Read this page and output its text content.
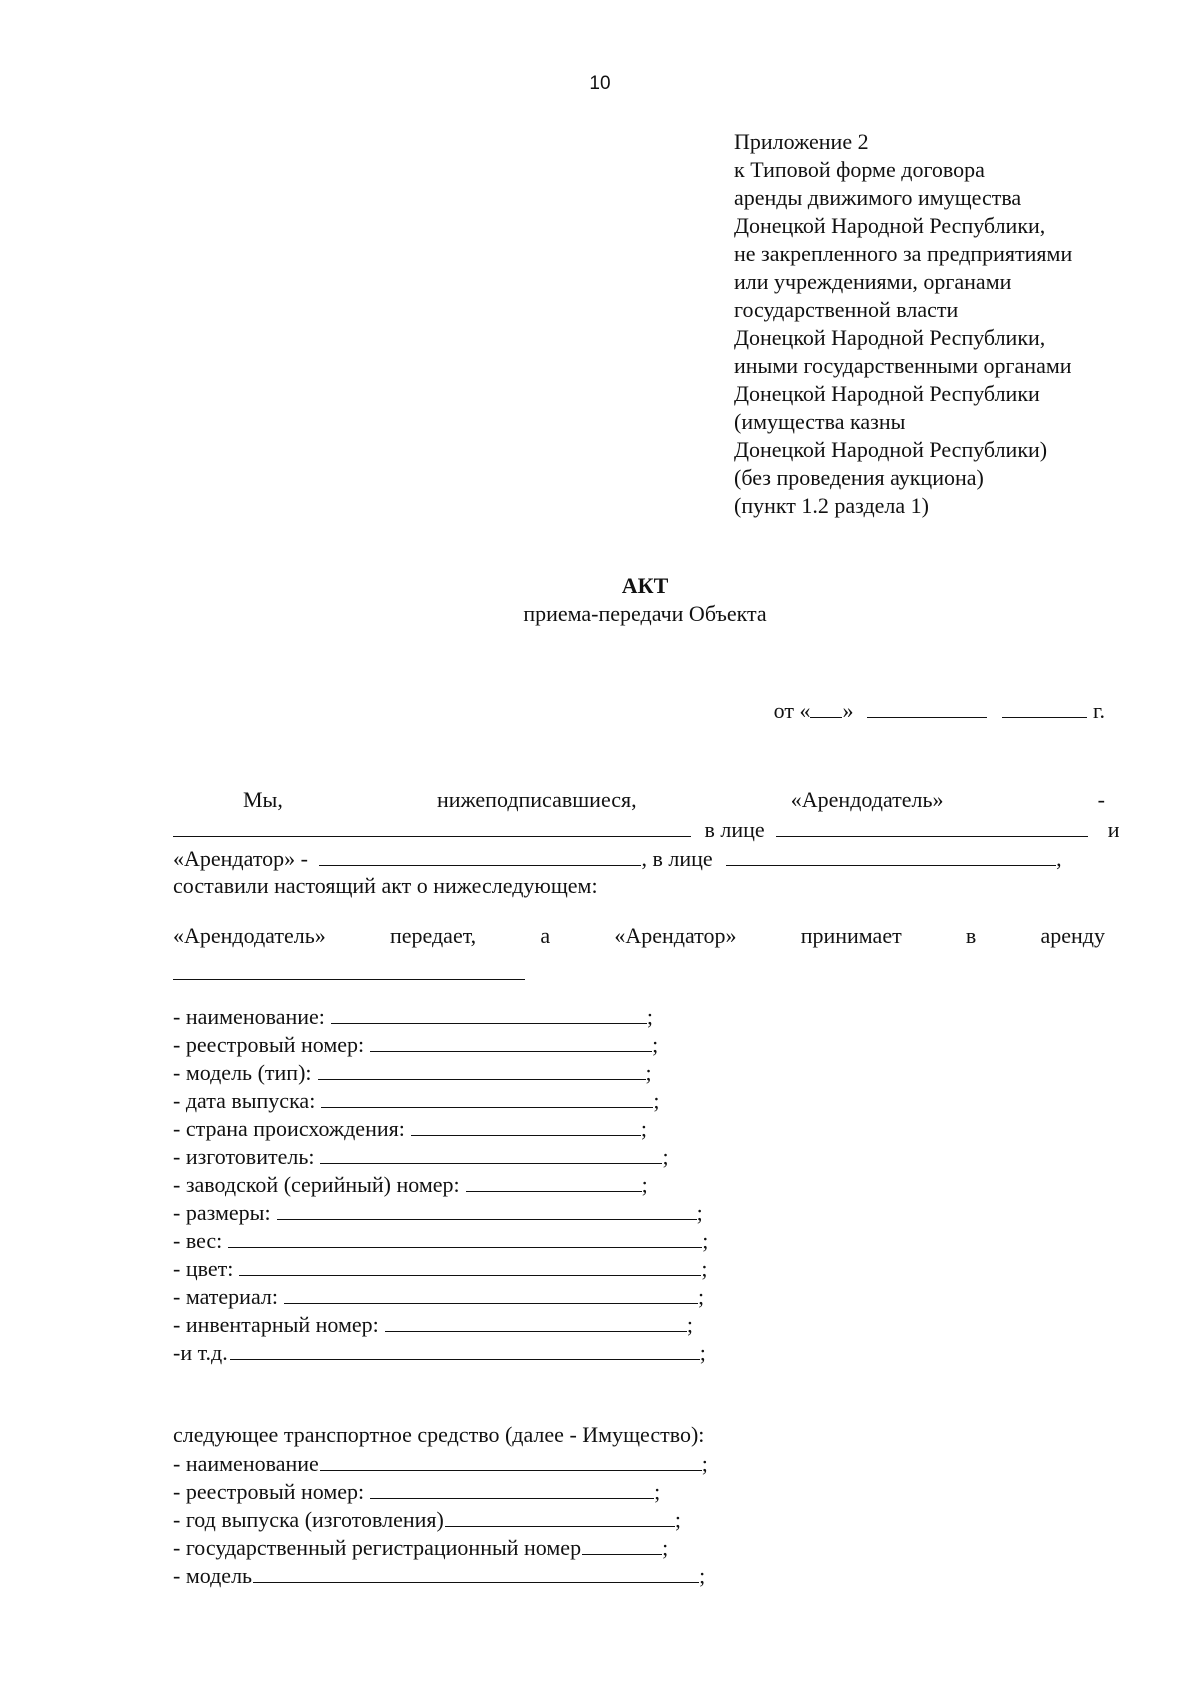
10
Приложение 2
к Типовой форме договора
аренды движимого имущества
Донецкой Народной Республики,
не закрепленного за предприятиями
или учреждениями, органами
государственной власти
Донецкой Народной Республики,
иными государственными органами
Донецкой Народной Республики
(имущества казны
Донецкой Народной Республики)
(без проведения аукциона)
(пункт 1.2 раздела 1)
АКТ
приема-передачи Объекта
от « »	г.
Мы,	нижеподписавшиеся,	«Арендодатель»	-
в лице	и
«Арендатор» -	, в лице	,
составили настоящий акт о нижеследующем:
«Арендодатель»	передает,	а	«Арендатор»	принимает	в	аренду
- наименование:	;
- реестровый номер:	;
- модель (тип):	;
- дата выпуска:	;
- страна происхождения:	;
- изготовитель:	;
- заводской (серийный) номер:	;
- размеры:	;
- вес:	;
- цвет:	;
- материал:	;
- инвентарный номер:	;
-и т.д.	;
следующее транспортное средство (далее - Имущество):
- наименование	;
- реестровый номер:	;
- год выпуска (изготовления)	;
- государственный регистрационный номер	;
- модель	;
